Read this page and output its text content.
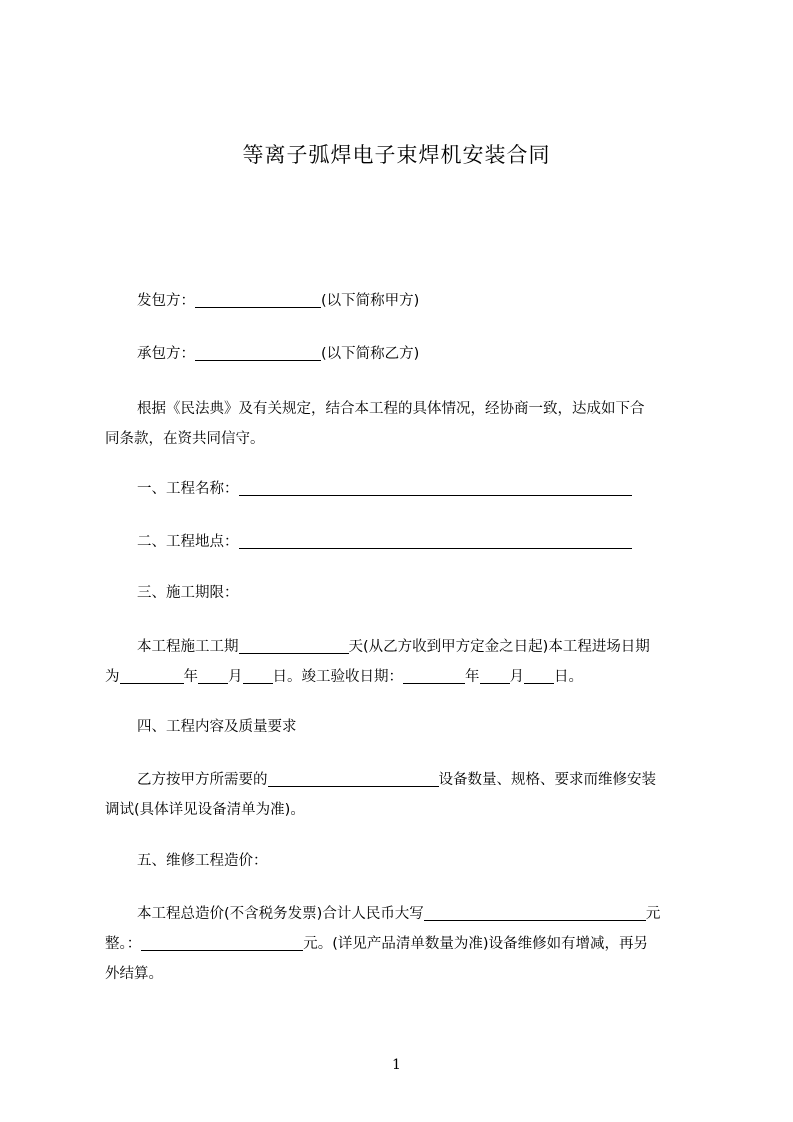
等离子弧焊电子束焊机安装合同
发包方：	(以下简称甲方)
承包方：	(以下简称乙方)
根据《民法典》及有关规定，结合本工程的具体情况，经协商一致，达成如下合
同条款，在资共同信守。
一、工程名称：
二、工程地点：
三、施工期限：
本工程施工工期	天(从乙方收到甲方定金之日起)本工程进场日期
为	年 月 日。竣工验收日期：	年 月 日。
四、工程内容及质量要求
乙方按甲方所需要的	设备数量、规格、要求而维修安装
调试(具体详见设备清单为准)。
五、维修工程造价：
本工程总造价(不含税务发票)合计人民币大写	元
整。：	元。(详见产品清单数量为准)设备维修如有增减，再另
外结算。
1
